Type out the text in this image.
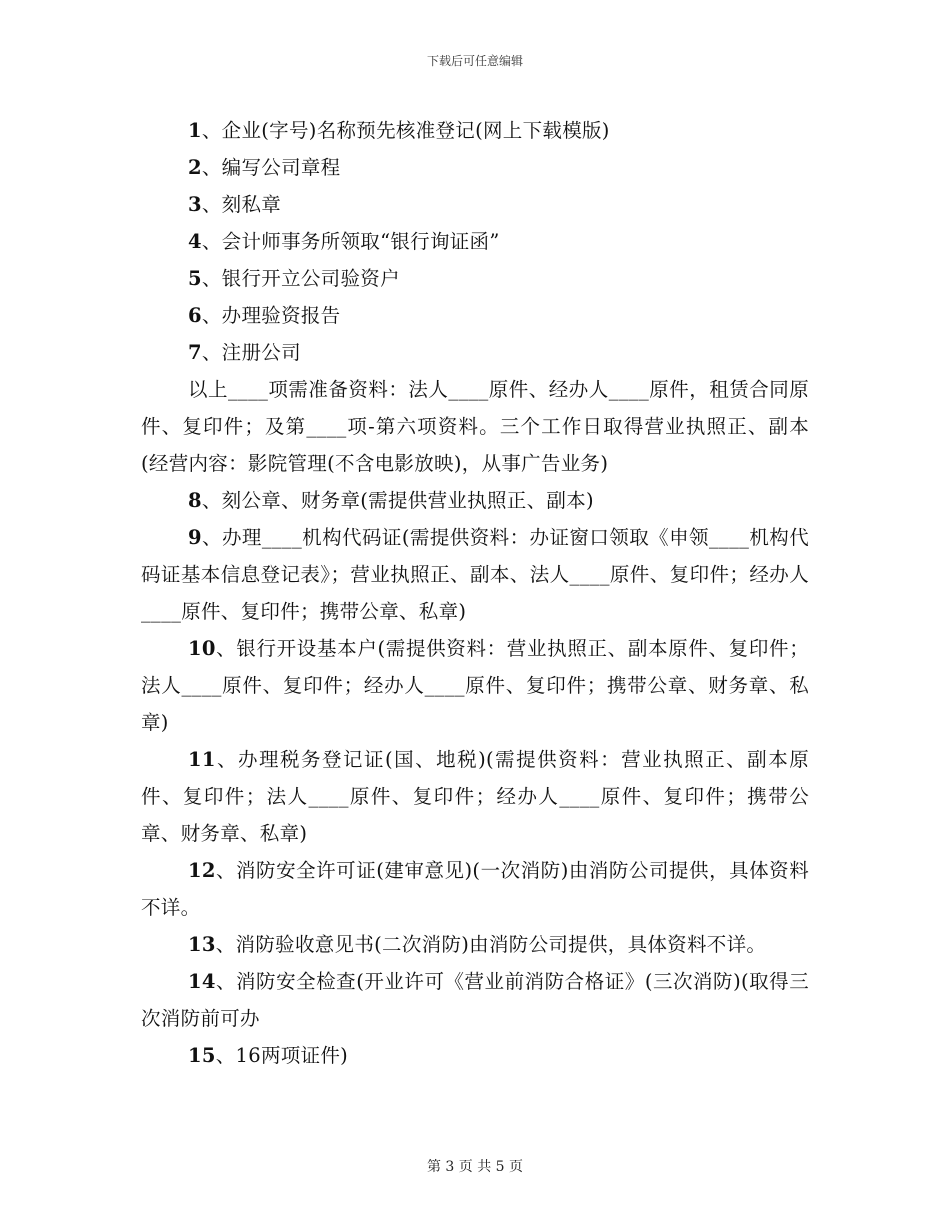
下载后可任意编辑

1、企业(字号)名称预先核准登记(网上下载模版)

2、编写公司章程

3、刻私章

4、会计师事务所领取“银行询证函”

5、银行开立公司验资户

6、办理验资报告

7、注册公司

以上____项需准备资料：法人____原件、经办人____原件，租赁合同原件、复印件；及第____项-第六项资料。三个工作日取得营业执照正、副本(经营内容：影院管理(不含电影放映)，从事广告业务)

8、刻公章、财务章(需提供营业执照正、副本)

9、办理____机构代码证(需提供资料：办证窗口领取《申领____机构代码证基本信息登记表》；营业执照正、副本、法人____原件、复印件；经办人____原件、复印件；携带公章、私章)

10、银行开设基本户(需提供资料：营业执照正、副本原件、复印件；法人____原件、复印件；经办人____原件、复印件；携带公章、财务章、私章)

11、办理税务登记证(国、地税)(需提供资料：营业执照正、副本原件、复印件；法人____原件、复印件；经办人____原件、复印件；携带公章、财务章、私章)

12、消防安全许可证(建审意见)(一次消防)由消防公司提供，具体资料不详。

13、消防验收意见书(二次消防)由消防公司提供，具体资料不详。

14、消防安全检查(开业许可《营业前消防合格证》(三次消防)(取得三次消防前可办

15、16两项证件)

第 3 页 共 5 页
